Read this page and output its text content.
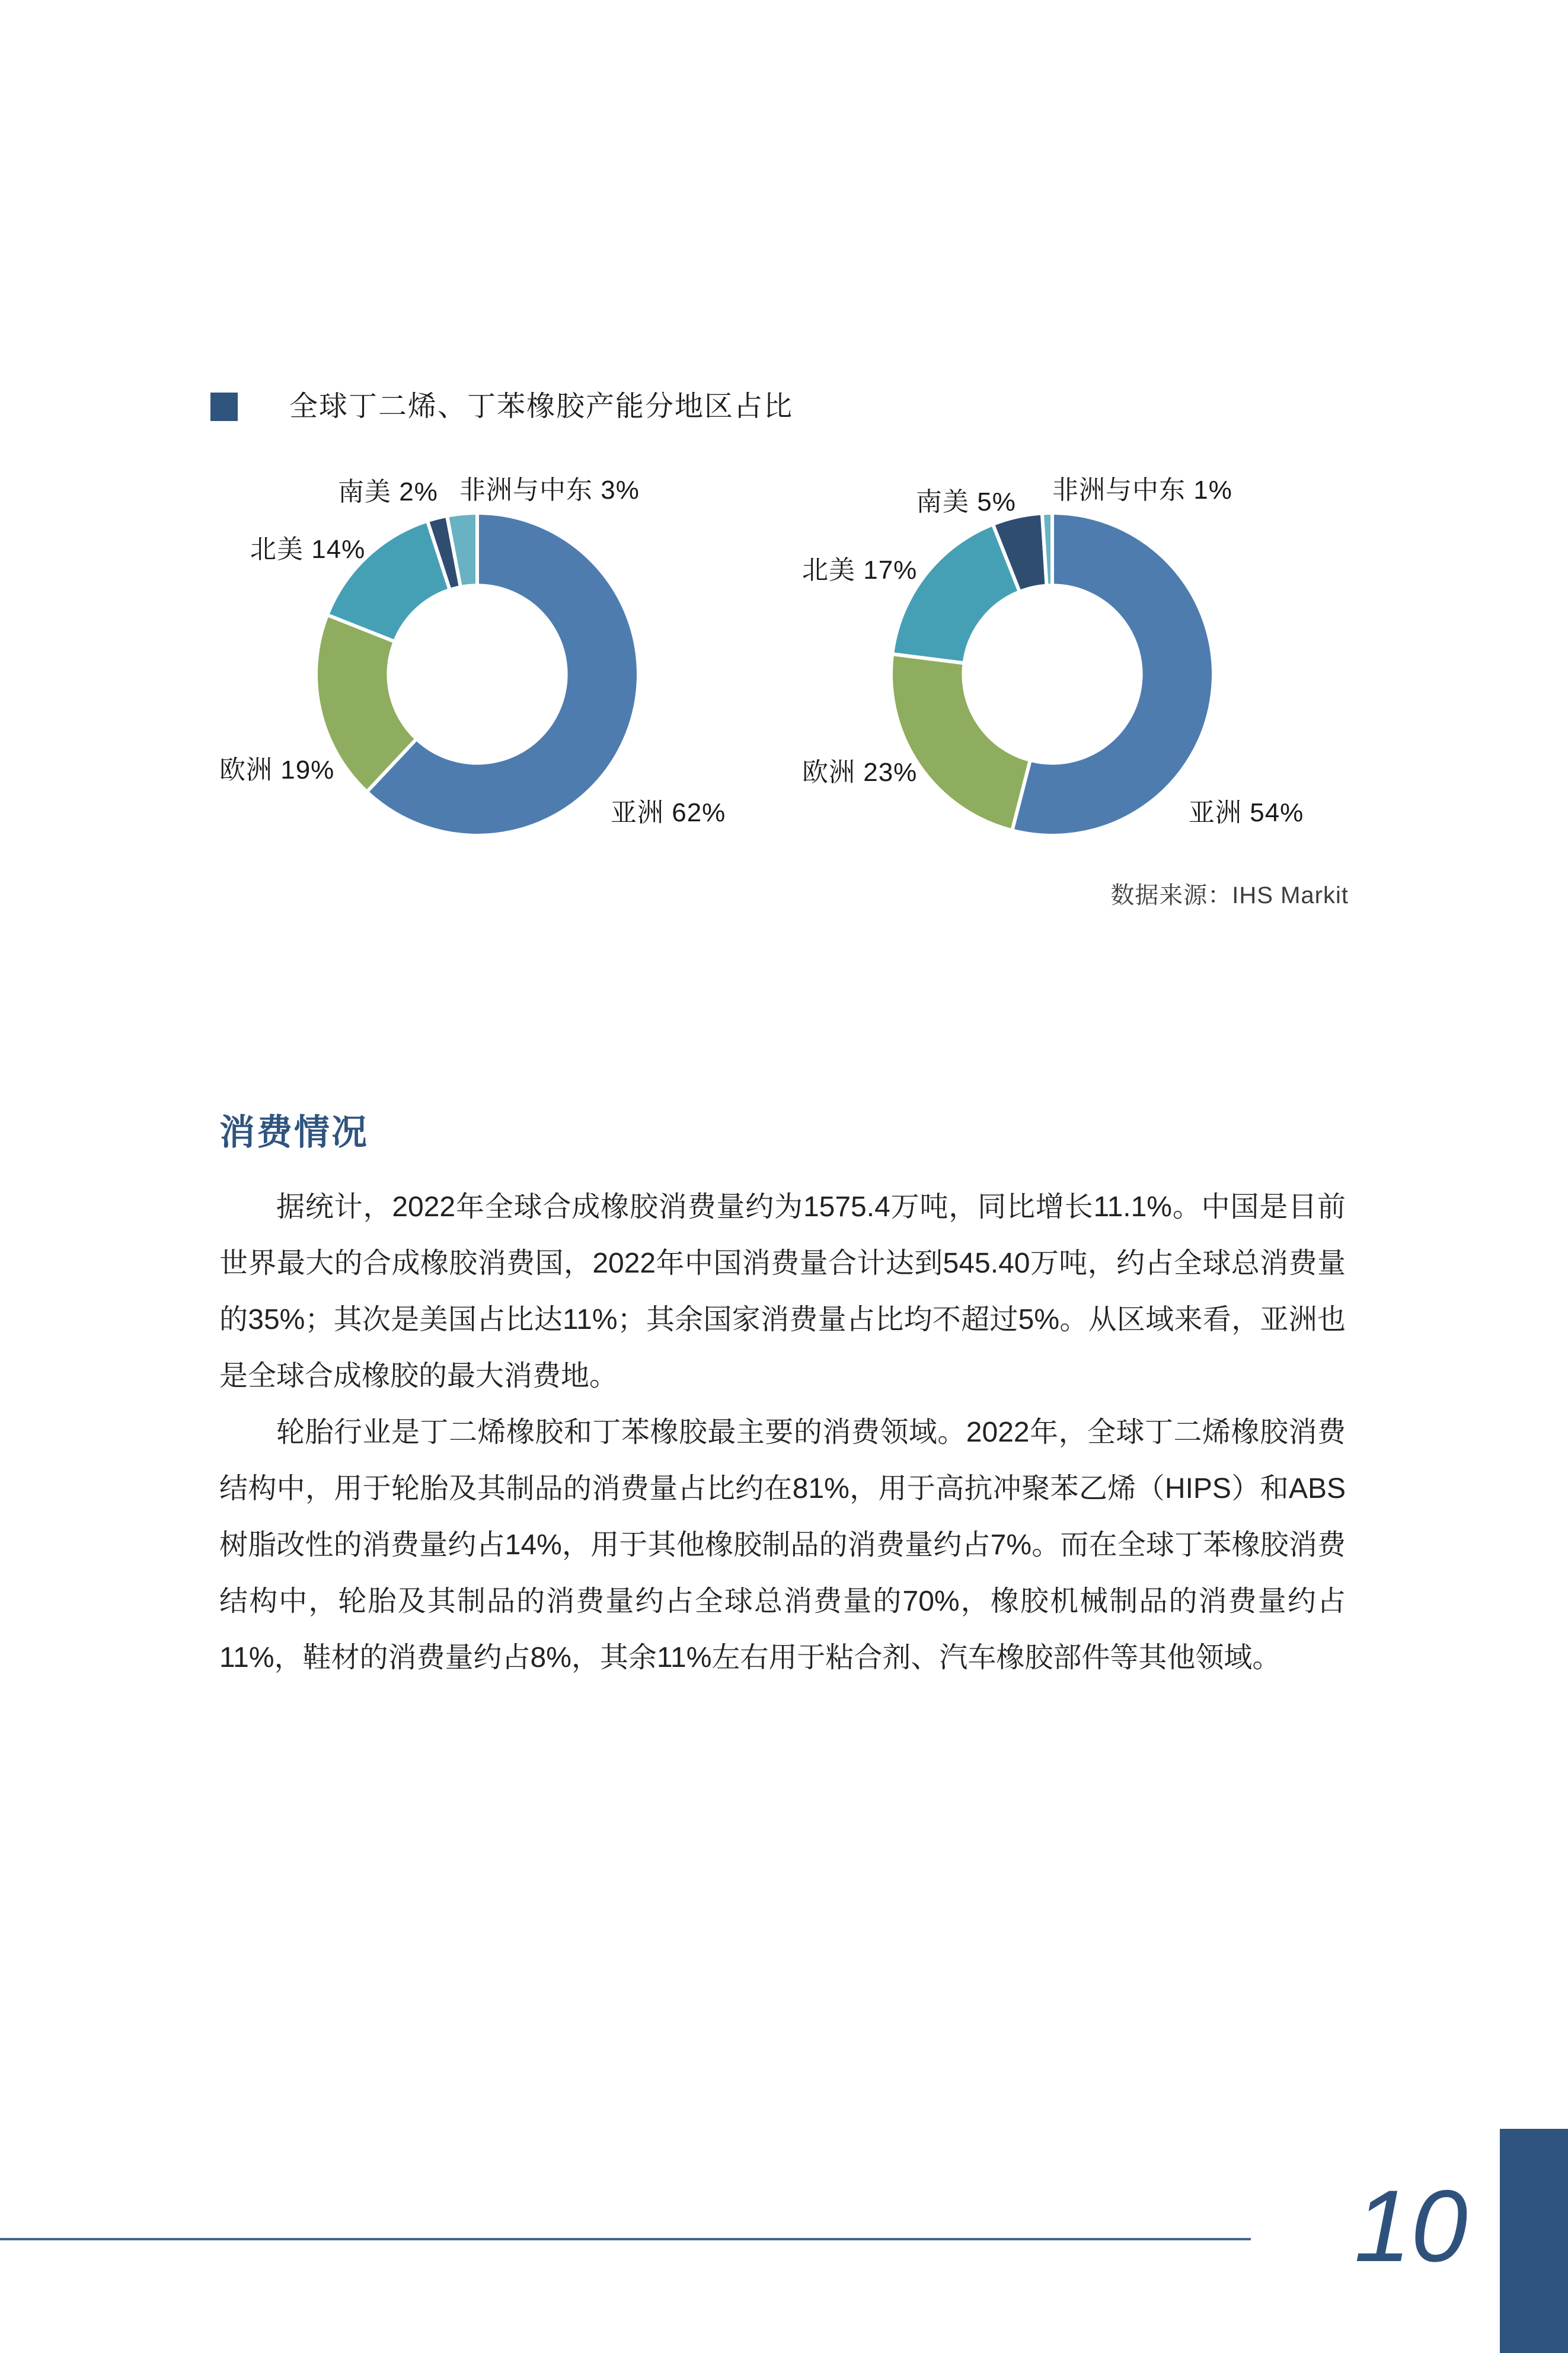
全球丁二烯、丁苯橡胶产能分地区占比
南美 2% 非洲与中东 3%
北美 14%
欧洲 19%
亚洲 62%
南美 5% 非洲与中东 1%
北美 17%
欧洲 23%
亚洲 54%
数据来源：IHS Markit
消费情况

据统计，2022年全球合成橡胶消费量约为1575.4万吨，同比增长11.1%。中国是目前世界最大的合成橡胶消费国，2022年中国消费量合计达到545.40万吨，约占全球总消费量的35%；其次是美国占比达11%；其余国家消费量占比均不超过5%。从区域来看，亚洲也是全球合成橡胶的最大消费地。

轮胎行业是丁二烯橡胶和丁苯橡胶最主要的消费领域。2022年，全球丁二烯橡胶消费结构中，用于轮胎及其制品的消费量占比约在81%，用于高抗冲聚苯乙烯（HIPS）和ABS树脂改性的消费量约占14%，用于其他橡胶制品的消费量约占7%。而在全球丁苯橡胶消费结构中，轮胎及其制品的消费量约占全球总消费量的70%，橡胶机械制品的消费量约占11%，鞋材的消费量约占8%，其余11%左右用于粘合剂、汽车橡胶部件等其他领域。

10
